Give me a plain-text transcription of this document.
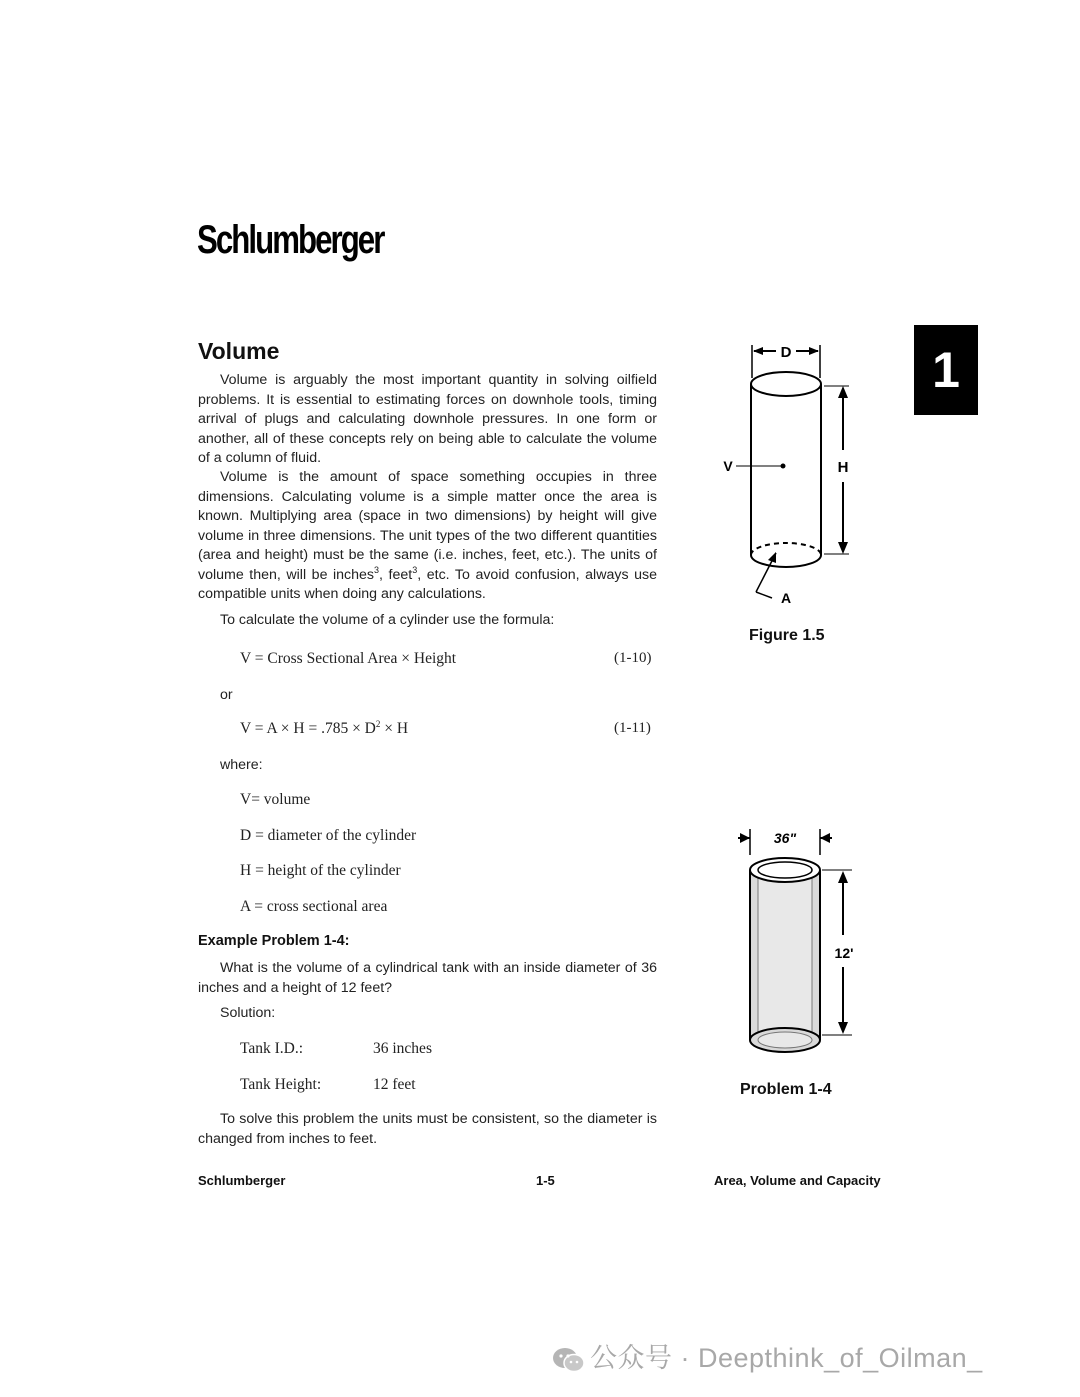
Schlumberger
1
Volume
Volume is arguably the most important quantity in solving oilfield problems. It is essential to estimating forces on downhole tools, timing arrival of plugs and calculating downhole pressures. In one form or another, all of these concepts rely on being able to calculate the volume of a column of fluid.
Volume is the amount of space something occupies in three dimensions. Calculating volume is a simple matter once the area is known. Multiplying area (space in two dimensions) by height will give volume in three dimensions. The unit types of the two different quantities (area and height) must be the same (i.e. inches, feet, etc.). The units of volume then, will be inches$^3$, feet$^3$, etc. To avoid confusion, always use compatible units when doing any calculations.
To calculate the volume of a cylinder use the formula:
V = Cross Sectional Area × Height	(1-10)
or
$V = A \times H = .785 \times D^2 \times H$	(1-11)
where:
V= volume
D = diameter of the cylinder
H = height of the cylinder
A = cross sectional area
Example Problem 1-4:
What is the volume of a cylindrical tank with an inside diameter of 36 inches and a height of 12 feet?
Solution:
Tank I.D.:	36 inches
Tank Height:	12 feet
To solve this problem the units must be consistent, so the diameter is changed from inches to feet.
D
V	H
A
Figure 1.5
36"
12'
Problem 1-4
Schlumberger	1-5	Area, Volume and Capacity
公众号 · Deepthink_of_Oilman_
